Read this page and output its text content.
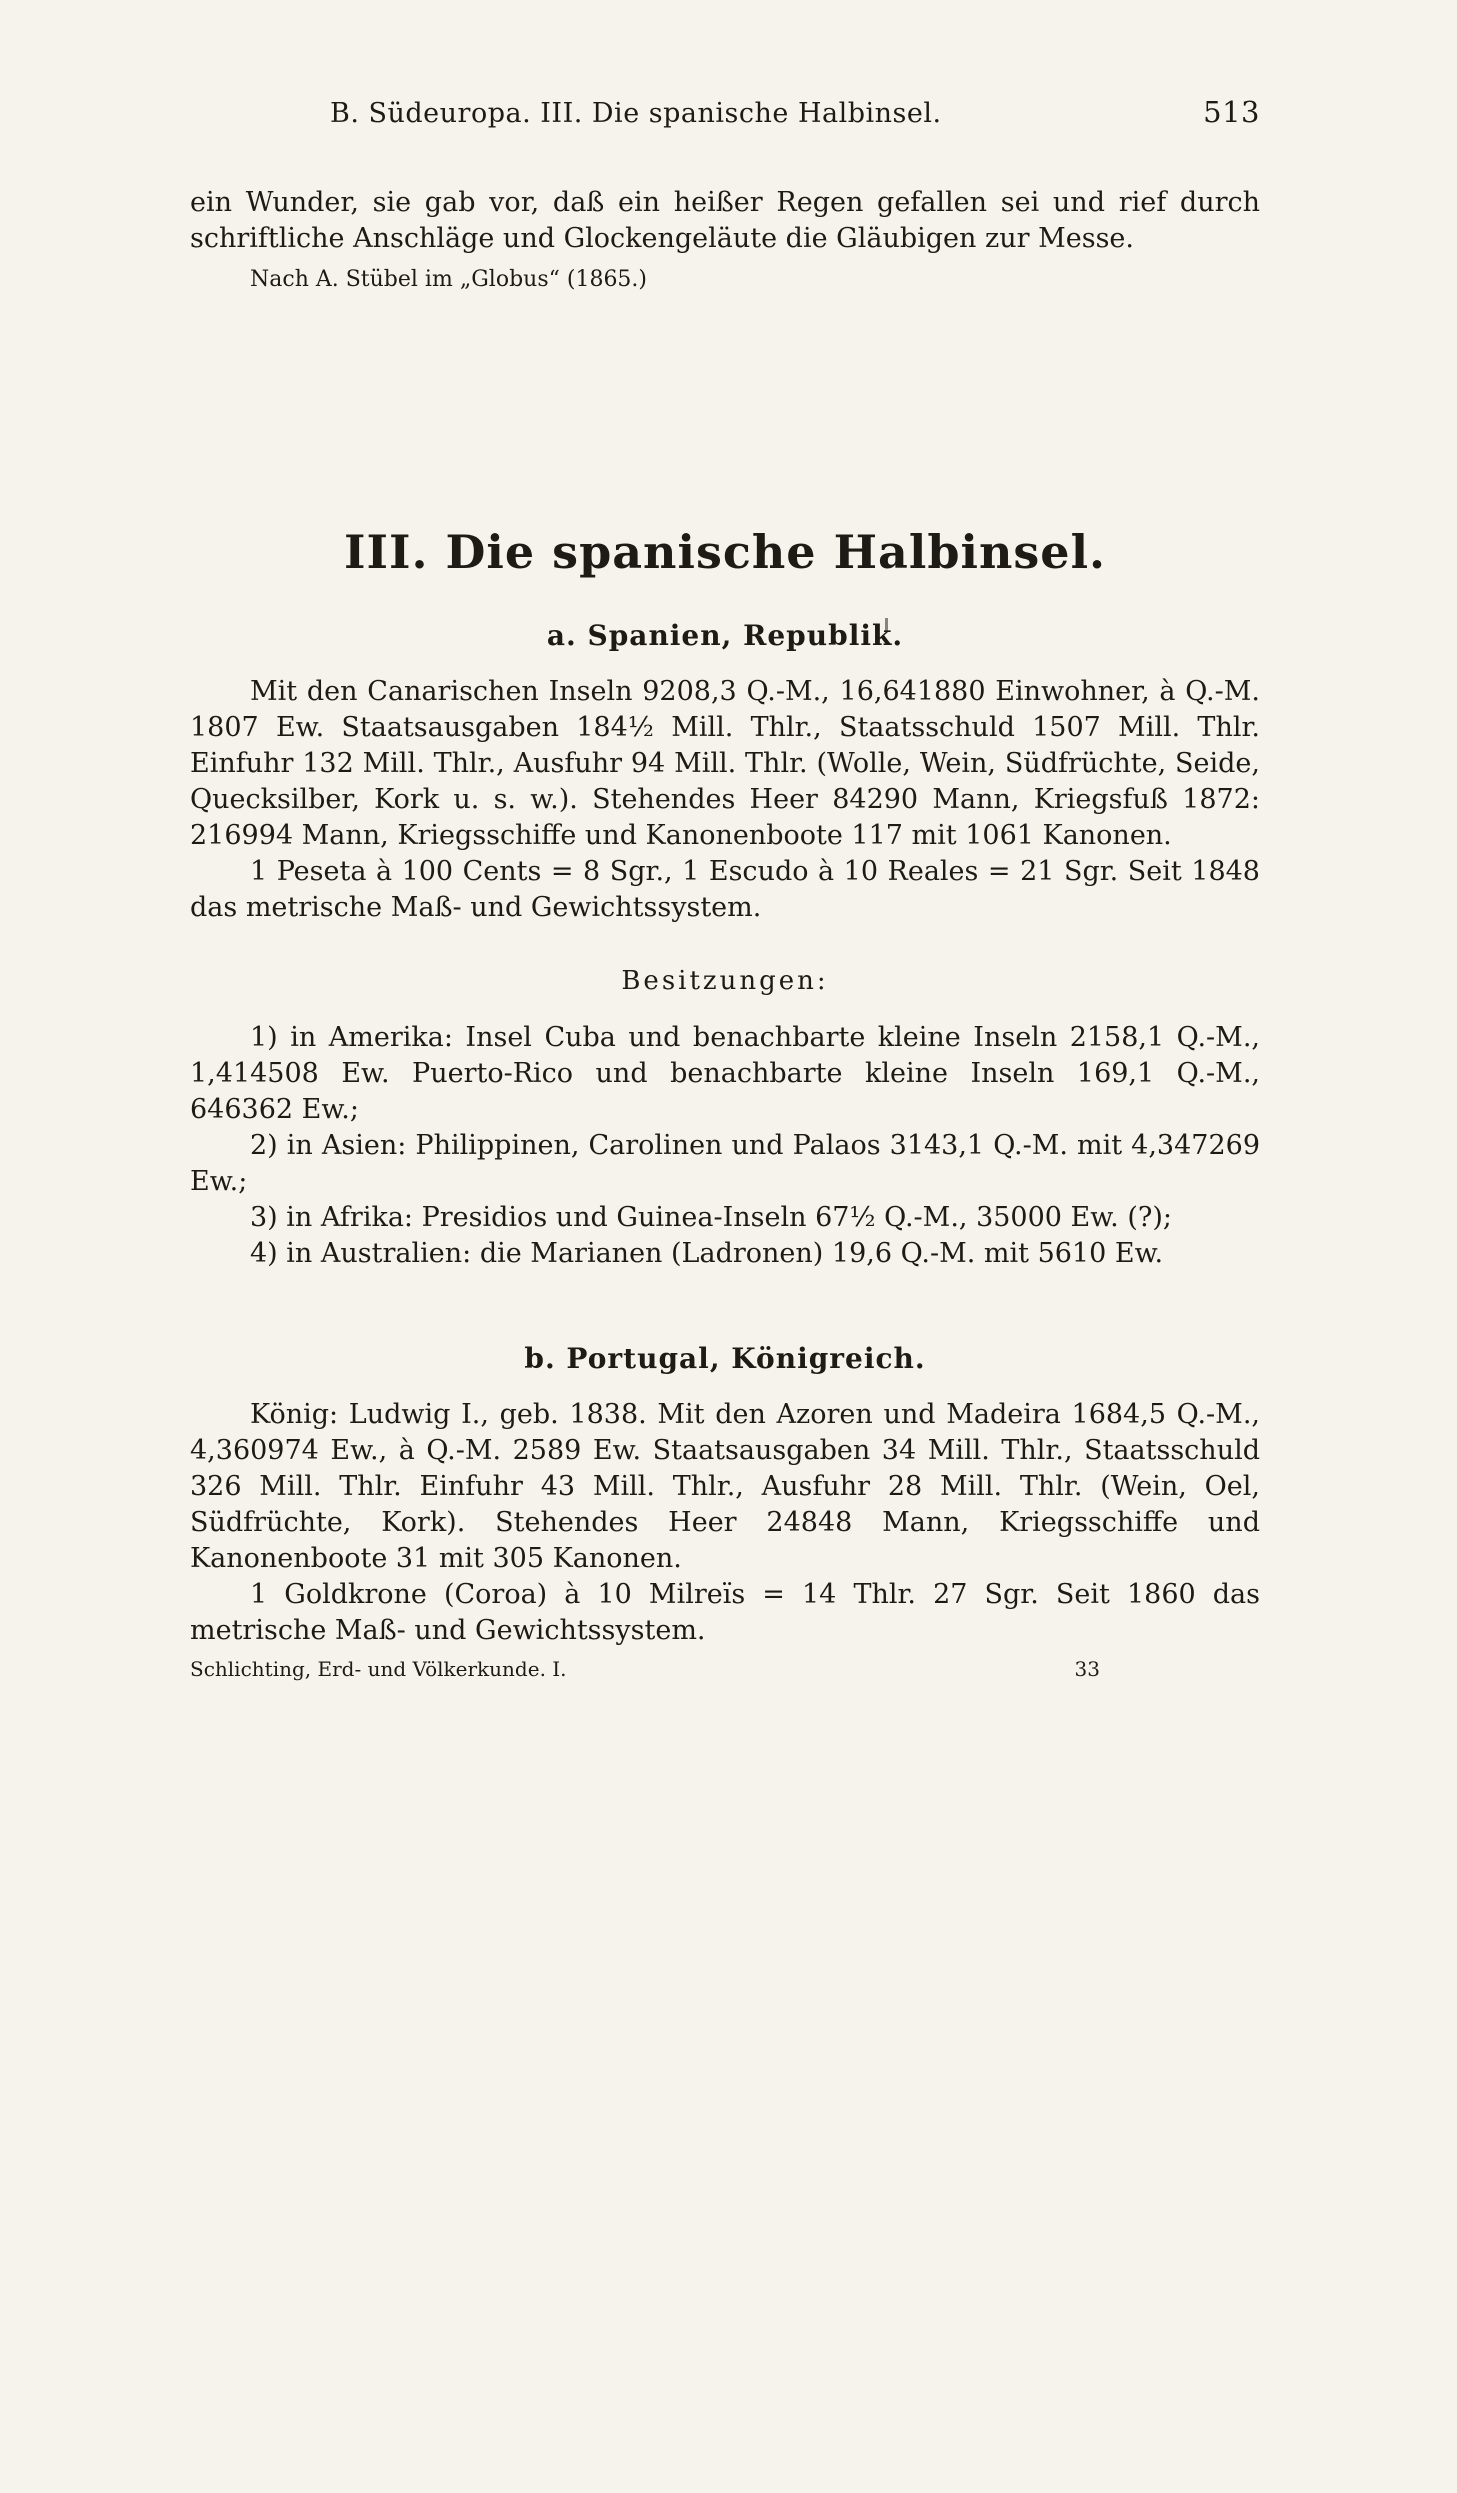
B. Südeuropa. III. Die spanische Halbinsel.	513

ein Wunder, sie gab vor, daß ein heißer Regen gefallen sei und rief durch schriftliche Anschläge und Glockengeläute die Gläubigen zur Messe.

Nach A. Stübel im „Globus“ (1865.)

III. Die spanische Halbinsel.
a. Spanien, Republik.

Mit den Canarischen Inseln 9208,3 Q.-M., 16,641880 Einwohner, à Q.-M. 1807 Ew. Staatsausgaben 184½ Mill. Thlr., Staatsschuld 1507 Mill. Thlr. Einfuhr 132 Mill. Thlr., Ausfuhr 94 Mill. Thlr. (Wolle, Wein, Südfrüchte, Seide, Quecksilber, Kork u. s. w.). Stehendes Heer 84290 Mann, Kriegsfuß 1872: 216994 Mann, Kriegsschiffe und Kanonenboote 117 mit 1061 Kanonen.

1 Peseta à 100 Cents = 8 Sgr., 1 Escudo à 10 Reales = 21 Sgr. Seit 1848 das metrische Maß- und Gewichtssystem.

Besitzungen:

1) in Amerika: Insel Cuba und benachbarte kleine Inseln 2158,1 Q.-M., 1,414508 Ew. Puerto-Rico und benachbarte kleine Inseln 169,1 Q.-M., 646362 Ew.;

2) in Asien: Philippinen, Carolinen und Palaos 3143,1 Q.-M. mit 4,347269 Ew.;

3) in Afrika: Presidios und Guinea-Inseln 67½ Q.-M., 35000 Ew. (?);

4) in Australien: die Marianen (Ladronen) 19,6 Q.-M. mit 5610 Ew.

b. Portugal, Königreich.

König: Ludwig I., geb. 1838. Mit den Azoren und Madeira 1684,5 Q.-M., 4,360974 Ew., à Q.-M. 2589 Ew. Staatsausgaben 34 Mill. Thlr., Staatsschuld 326 Mill. Thlr. Einfuhr 43 Mill. Thlr., Ausfuhr 28 Mill. Thlr. (Wein, Oel, Südfrüchte, Kork). Stehendes Heer 24848 Mann, Kriegsschiffe und Kanonenboote 31 mit 305 Kanonen.

1 Goldkrone (Coroa) à 10 Milreïs = 14 Thlr. 27 Sgr. Seit 1860 das metrische Maß- und Gewichtssystem.

Schlichting, Erd- und Völkerkunde. I.	33
